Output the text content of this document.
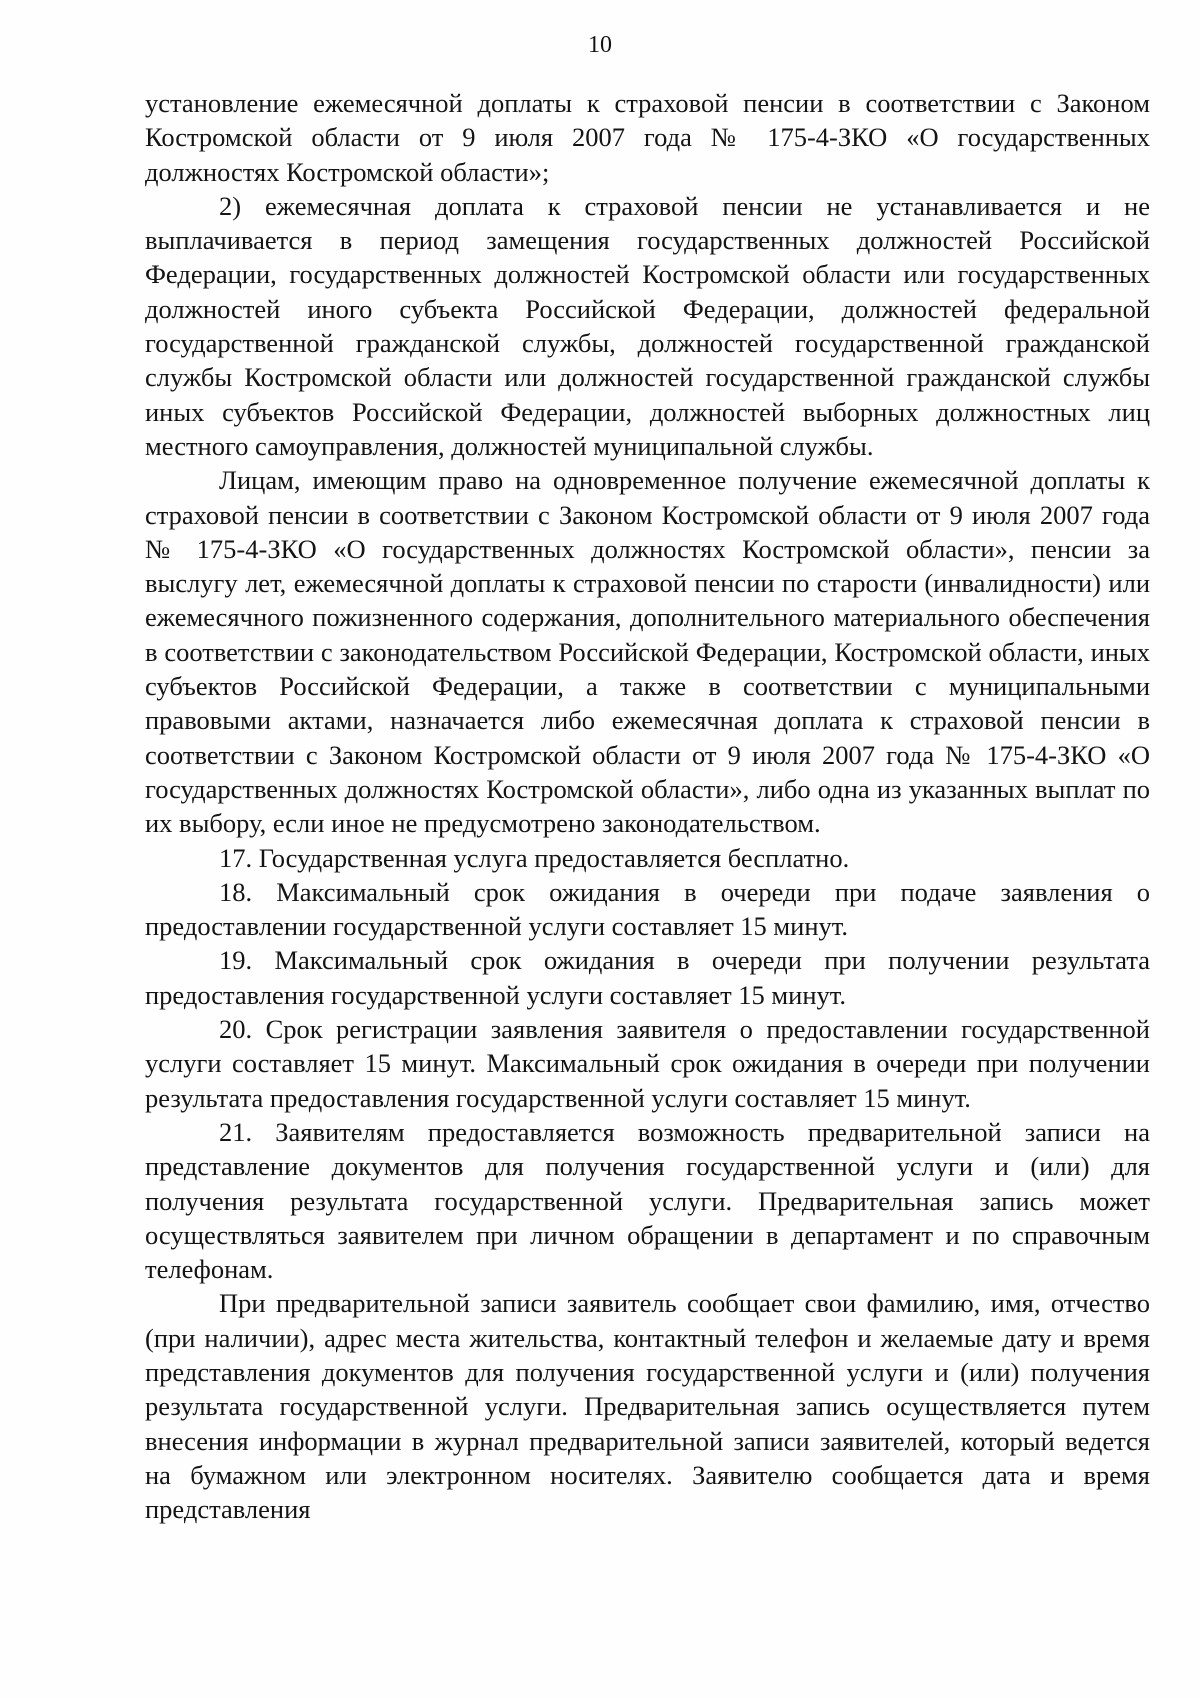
10

установление ежемесячной доплаты к страховой пенсии в соответствии с Законом Костромской области от 9 июля 2007 года № 175-4-ЗКО «О государственных должностях Костромской области»;

2) ежемесячная доплата к страховой пенсии не устанавливается и не выплачивается в период замещения государственных должностей Российской Федерации, государственных должностей Костромской области или государственных должностей иного субъекта Российской Федерации, должностей федеральной государственной гражданской службы, должностей государственной гражданской службы Костромской области или должностей государственной гражданской службы иных субъектов Российской Федерации, должностей выборных должностных лиц местного самоуправления, должностей муниципальной службы.

Лицам, имеющим право на одновременное получение ежемесячной доплаты к страховой пенсии в соответствии с Законом Костромской области от 9 июля 2007 года № 175-4-ЗКО «О государственных должностях Костромской области», пенсии за выслугу лет, ежемесячной доплаты к страховой пенсии по старости (инвалидности) или ежемесячного пожизненного содержания, дополнительного материального обеспечения в соответствии с законодательством Российской Федерации, Костромской области, иных субъектов Российской Федерации, а также в соответствии с муниципальными правовыми актами, назначается либо ежемесячная доплата к страховой пенсии в соответствии с Законом Костромской области от 9 июля 2007 года № 175-4-ЗКО «О государственных должностях Костромской области», либо одна из указанных выплат по их выбору, если иное не предусмотрено законодательством.

17. Государственная услуга предоставляется бесплатно.

18. Максимальный срок ожидания в очереди при подаче заявления о предоставлении государственной услуги составляет 15 минут.

19. Максимальный срок ожидания в очереди при получении результата предоставления государственной услуги составляет 15 минут.

20. Срок регистрации заявления заявителя о предоставлении государственной услуги составляет 15 минут. Максимальный срок ожидания в очереди при получении результата предоставления государственной услуги составляет 15 минут.

21. Заявителям предоставляется возможность предварительной записи на представление документов для получения государственной услуги и (или) для получения результата государственной услуги. Предварительная запись может осуществляться заявителем при личном обращении в департамент и по справочным телефонам.

При предварительной записи заявитель сообщает свои фамилию, имя, отчество (при наличии), адрес места жительства, контактный телефон и желаемые дату и время представления документов для получения государственной услуги и (или) получения результата государственной услуги. Предварительная запись осуществляется путем внесения информации в журнал предварительной записи заявителей, который ведется на бумажном или электронном носителях. Заявителю сообщается дата и время представления
